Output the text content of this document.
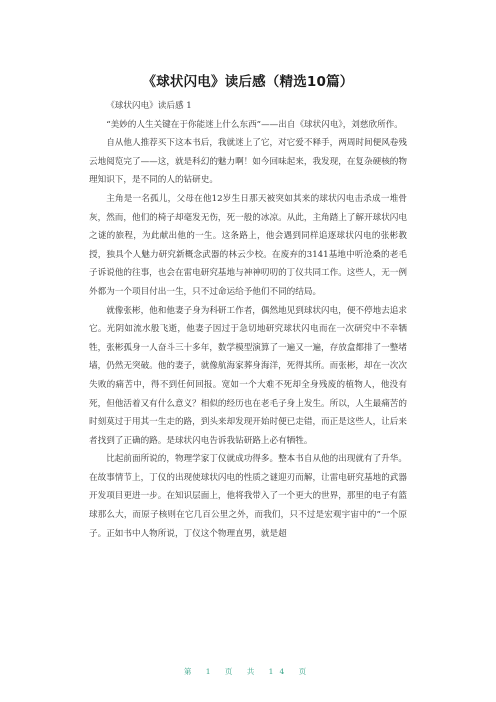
《球状闪电》读后感（精选10篇）

《球状闪电》读后感 1

“美妙的人生关键在于你能迷上什么东西”——出自《球状闪电》，刘慈欣所作。

自从他人推荐买下这本书后，我就迷上了它，对它爱不释手，两周时间便风卷残云地阅览完了——这，就是科幻的魅力啊！如今回味起来，我发现，在复杂硬核的物理知识下，是不同的人的钻研史。

主角是一名孤儿，父母在他12岁生日那天被突如其来的球状闪电击杀成一堆骨灰，然而，他们的椅子却毫发无伤，死一般的冰凉。从此，主角踏上了解开球状闪电之谜的旅程，为此献出他的一生。这条路上，他会遇到同样追逐球状闪电的张彬教授，独具个人魅力研究新概念武器的林云少校。在废弃的3141基地中听沧桑的老毛子诉说他的往事，也会在雷电研究基地与神神叨叨的丁仪共同工作。这些人，无一例外都为一个项目付出一生，只不过命运给予他们不同的结局。

就像张彬，他和他妻子身为科研工作者，偶然地见到球状闪电，便不停地去追求它。光阴如流水般飞逝，他妻子因过于急切地研究球状闪电而在一次研究中不幸牺牲，张彬孤身一人奋斗三十多年，数学模型演算了一遍又一遍，存放盒都排了一整堵墙，仍然无突破。他的妻子，就像航海家葬身海洋，死得其所。而张彬，却在一次次失败的痛苦中，得不到任何回报。宽如一个大难不死却全身残废的植物人，他没有死，但他活着又有什么意义？相似的经历也在老毛子身上发生。所以，人生最痛苦的时刻莫过于用其一生走的路，到头来却发现开始时便已走错，而正是这些人，让后来者找到了正确的路。是球状闪电告诉我钻研路上必有牺牲。

比起前面所说的，物理学家丁仪就成功得多。整本书自从他的出现就有了升华。在故事情节上，丁仪的出现使球状闪电的性质之谜迎刃而解，让雷电研究基地的武器开发项目更进一步。在知识层面上，他将我带入了一个更大的世界，那里的电子有篮球那么大，而原子核则在它几百公里之外，而我们，只不过是宏观宇宙中的”一个原子。正如书中人物所说，丁仪这个物理直男，就是超

第 1 页 共 14 页
